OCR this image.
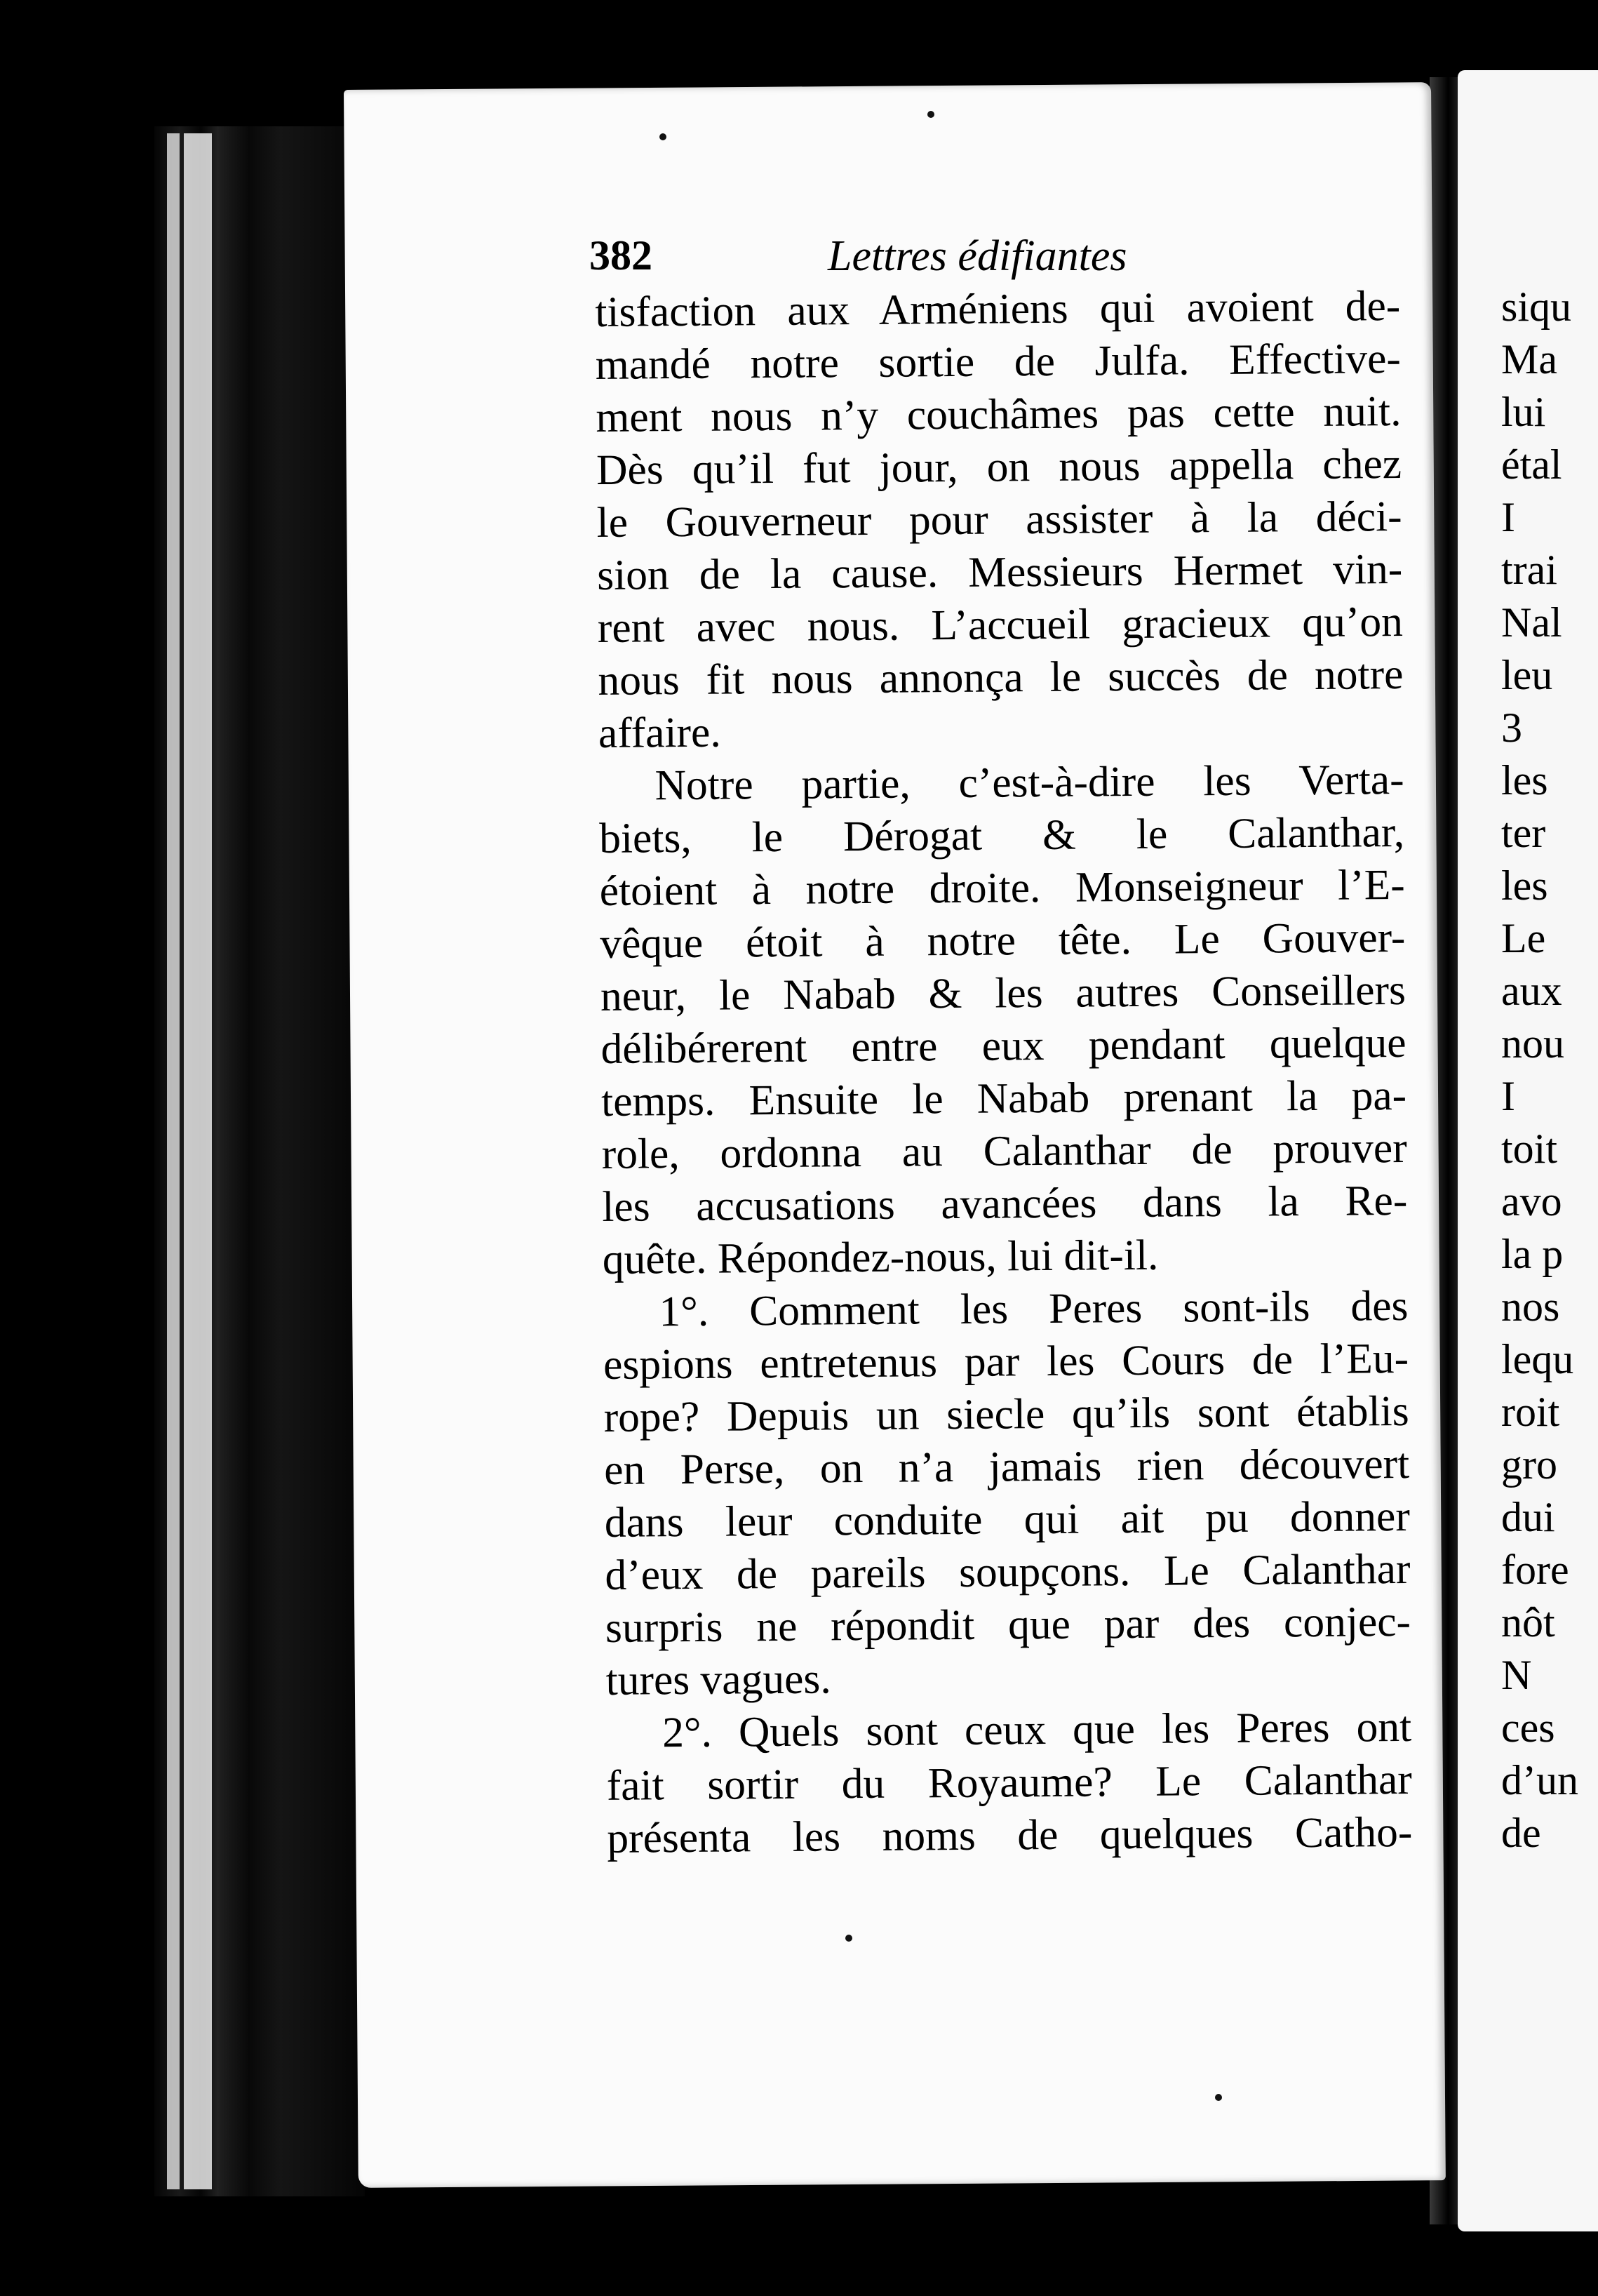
siqu
Ma
lui
étal
I
trai
Nal
leu
3
les
ter
les
Le
aux
nou
I
toit
avo
la p
nos
lequ
roit
gro
dui
fore
nôt
N
ces
d’un
de
382	Lettres édifiantes
tisfaction aux Arméniens qui avoient de-
mandé notre sortie de Julfa. Effective-
ment nous n’y couchâmes pas cette nuit.
Dès qu’il fut jour, on nous appella chez
le Gouverneur pour assister à la déci-
sion de la cause. Messieurs Hermet vin-
rent avec nous. L’accueil gracieux qu’on
nous fit nous annonça le succès de notre
affaire.
Notre partie, c’est-à-dire les Verta-
biets, le Dérogat & le Calanthar,
étoient à notre droite. Monseigneur l’E-
vêque étoit à notre tête. Le Gouver-
neur, le Nabab & les autres Conseillers
délibérerent entre eux pendant quelque
temps. Ensuite le Nabab prenant la pa-
role, ordonna au Calanthar de prouver
les accusations avancées dans la Re-
quête. Répondez-nous, lui dit-il.
1°. Comment les Peres sont-ils des
espions entretenus par les Cours de l’Eu-
rope? Depuis un siecle qu’ils sont établis
en Perse, on n’a jamais rien découvert
dans leur conduite qui ait pu donner
d’eux de pareils soupçons. Le Calanthar
surpris ne répondit que par des conjec-
tures vagues.
2°. Quels sont ceux que les Peres ont
fait sortir du Royaume? Le Calanthar
présenta les noms de quelques Catho-
